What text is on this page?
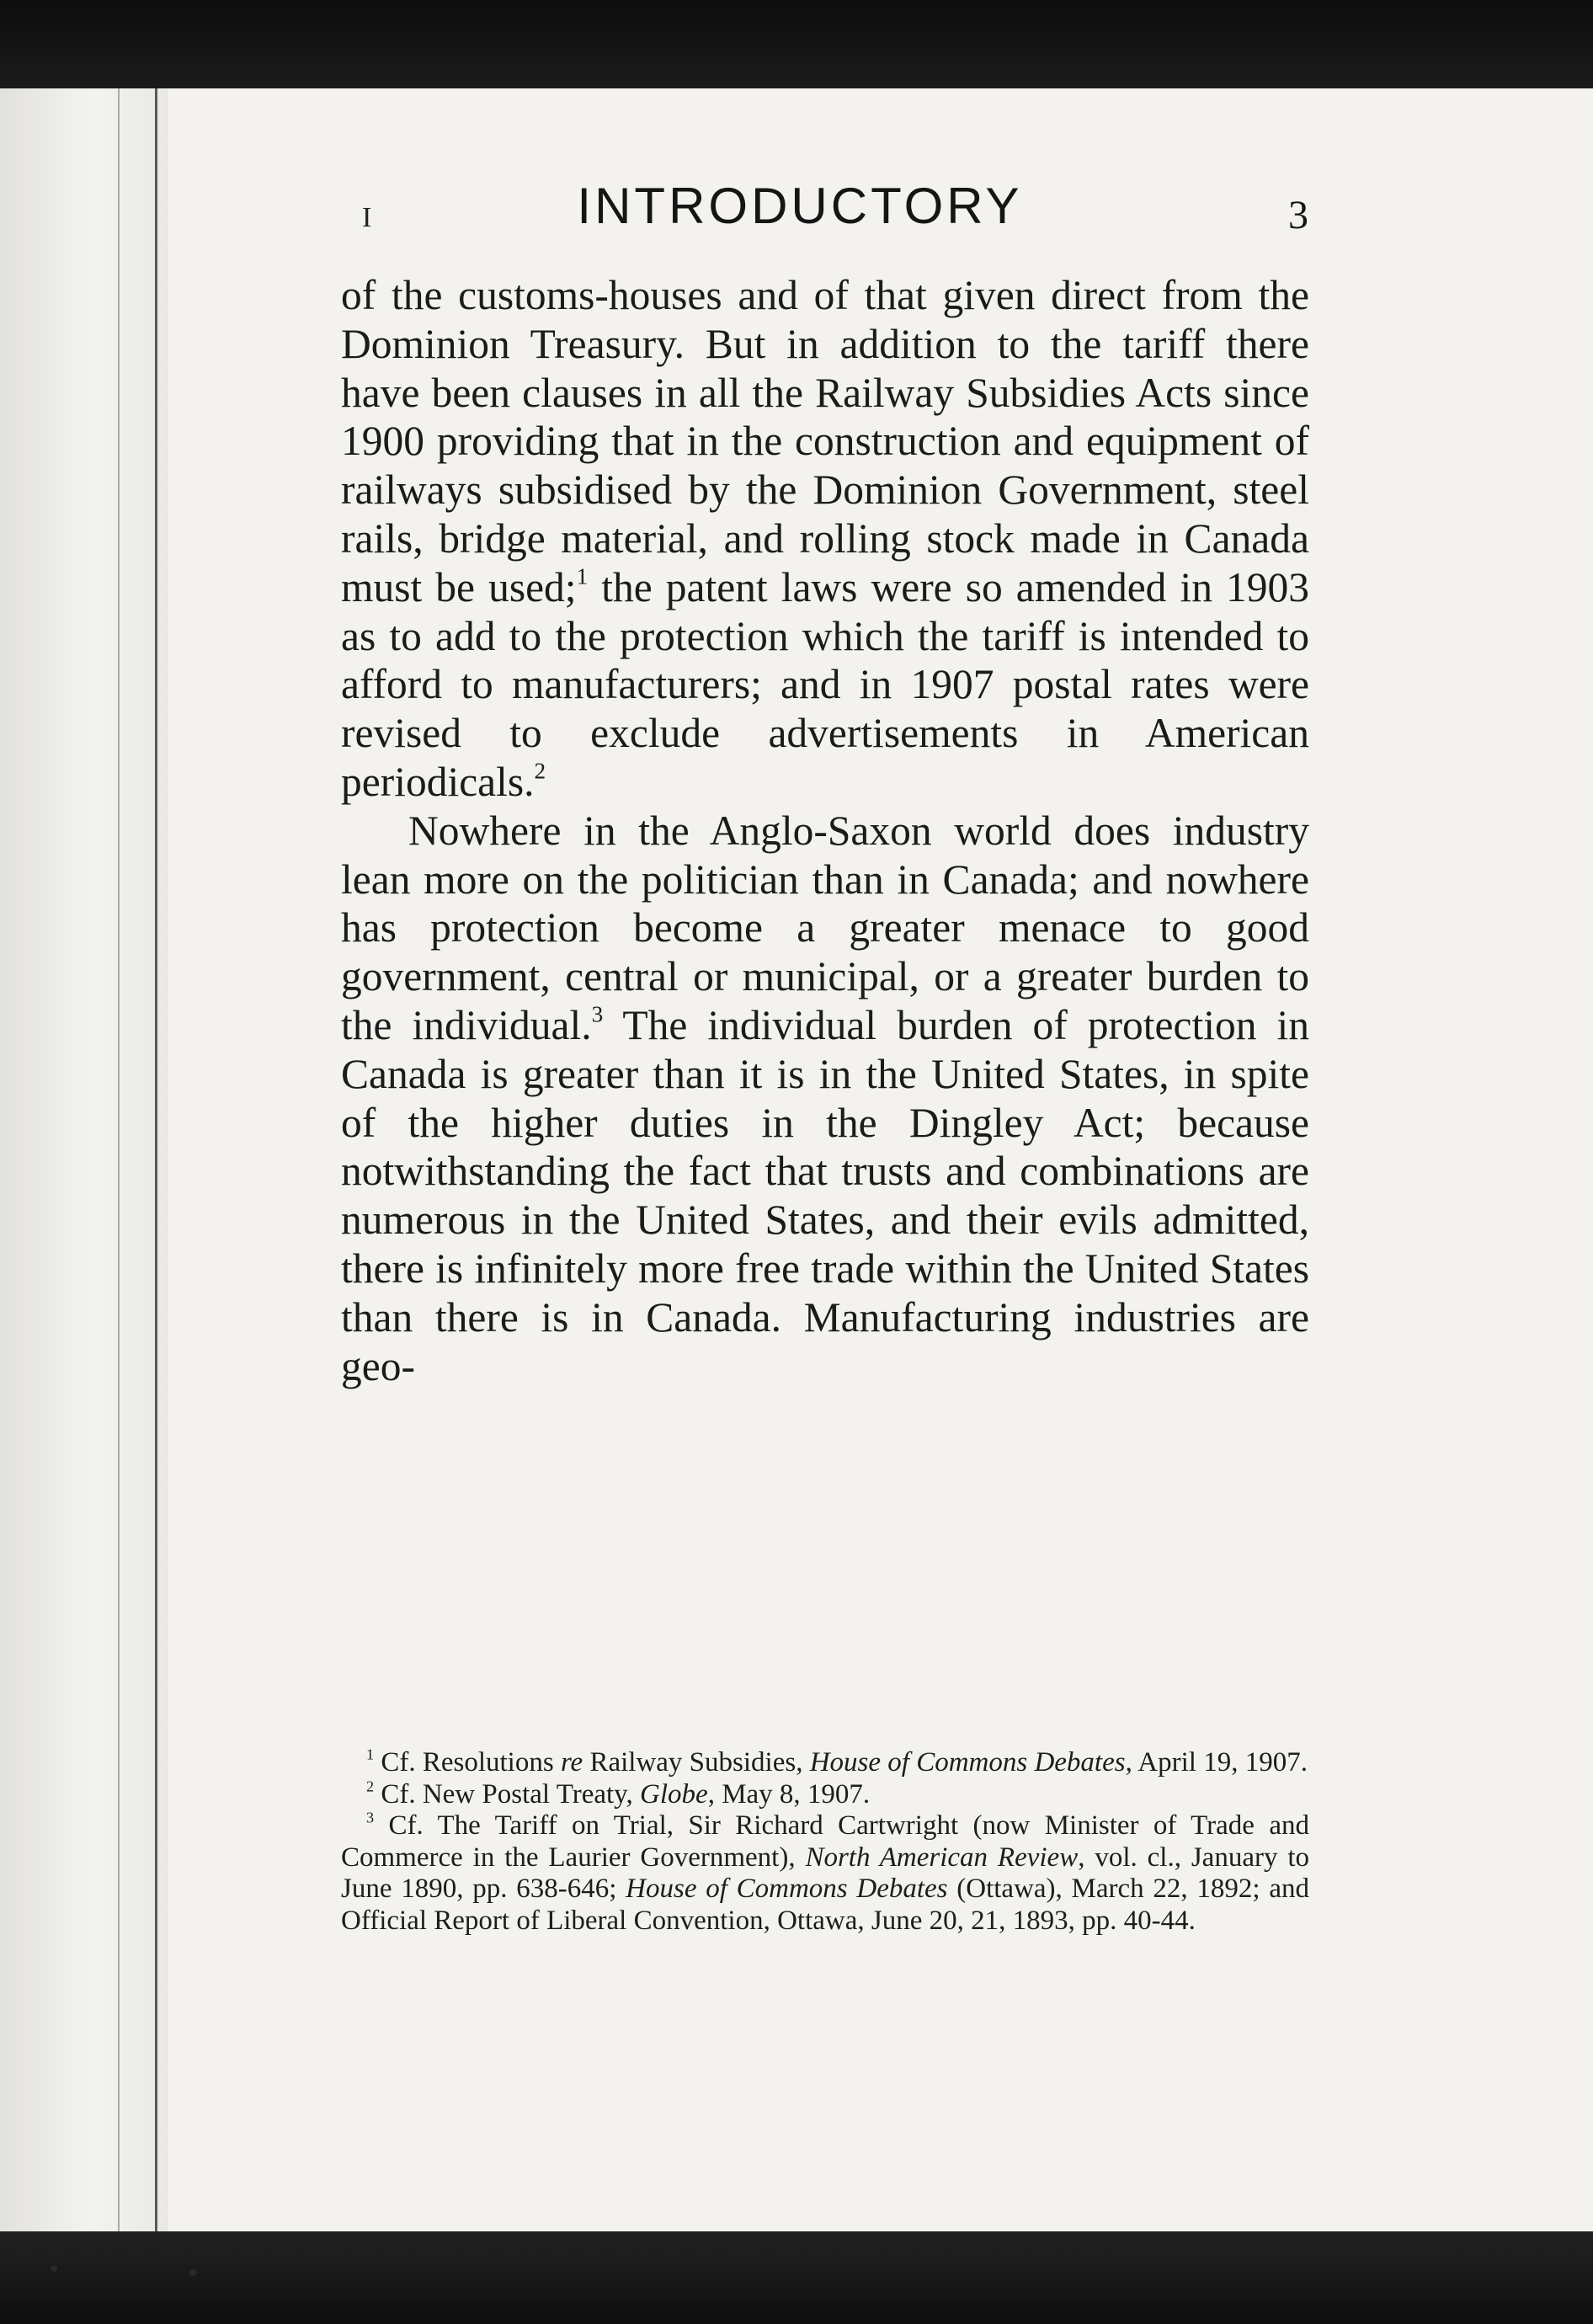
I	INTRODUCTORY	3

of the customs-houses and of that given direct from the Dominion Treasury. But in addition to the tariff there have been clauses in all the Railway Subsidies Acts since 1900 providing that in the construction and equipment of railways subsidised by the Dominion Government, steel rails, bridge material, and rolling stock made in Canada must be used;$^1$ the patent laws were so amended in 1903 as to add to the protection which the tariff is intended to afford to manufacturers; and in 1907 postal rates were revised to exclude advertisements in American periodicals.$^2$

Nowhere in the Anglo-Saxon world does industry lean more on the politician than in Canada; and nowhere has protection become a greater menace to good government, central or municipal, or a greater burden to the individual.$^3$ The individual burden of protection in Canada is greater than it is in the United States, in spite of the higher duties in the Dingley Act; because notwithstanding the fact that trusts and combinations are numerous in the United States, and their evils admitted, there is infinitely more free trade within the United States than there is in Canada. Manufacturing industries are geo-

$^1$ Cf. Resolutions re Railway Subsidies, House of Commons Debates, April 19, 1907.

$^2$ Cf. New Postal Treaty, Globe, May 8, 1907.

$^3$ Cf. The Tariff on Trial, Sir Richard Cartwright (now Minister of Trade and Commerce in the Laurier Government), North American Review, vol. cl., January to June 1890, pp. 638-646; House of Commons Debates (Ottawa), March 22, 1892; and Official Report of Liberal Convention, Ottawa, June 20, 21, 1893, pp. 40-44.
